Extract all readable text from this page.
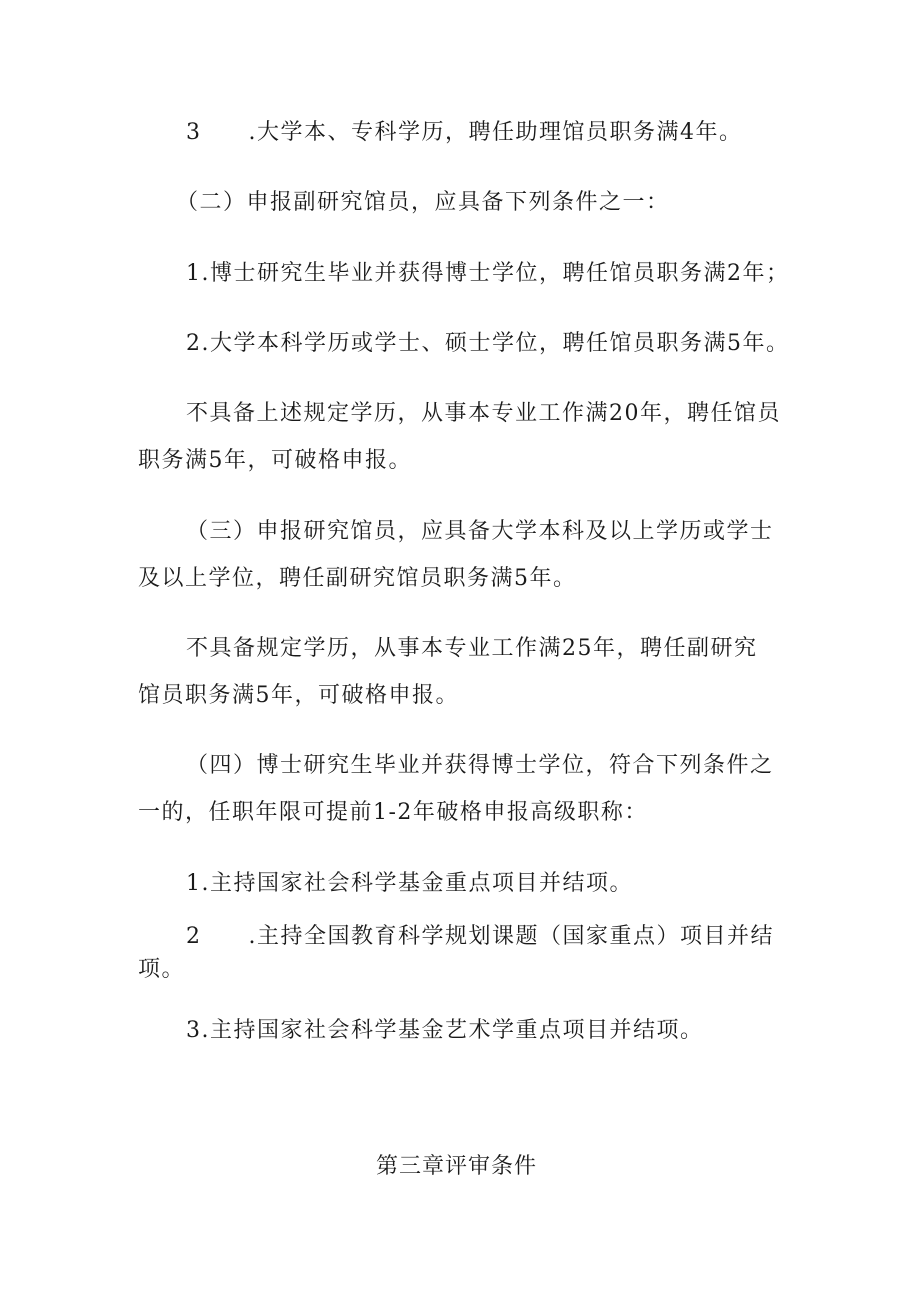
3　　.大学本、专科学历，聘任助理馆员职务满4年。
（二）申报副研究馆员，应具备下列条件之一：
1.博士研究生毕业并获得博士学位，聘任馆员职务满2年；
2.大学本科学历或学士、硕士学位，聘任馆员职务满5年。
不具备上述规定学历，从事本专业工作满20年，聘任馆员
职务满5年，可破格申报。
（三）申报研究馆员，应具备大学本科及以上学历或学士
及以上学位，聘任副研究馆员职务满5年。
不具备规定学历，从事本专业工作满25年，聘任副研究
馆员职务满5年，可破格申报。
（四）博士研究生毕业并获得博士学位，符合下列条件之
一的，任职年限可提前1-2年破格申报高级职称：
1.主持国家社会科学基金重点项目并结项。
2　　.主持全国教育科学规划课题（国家重点）项目并结
项。
3.主持国家社会科学基金艺术学重点项目并结项。
第三章评审条件
